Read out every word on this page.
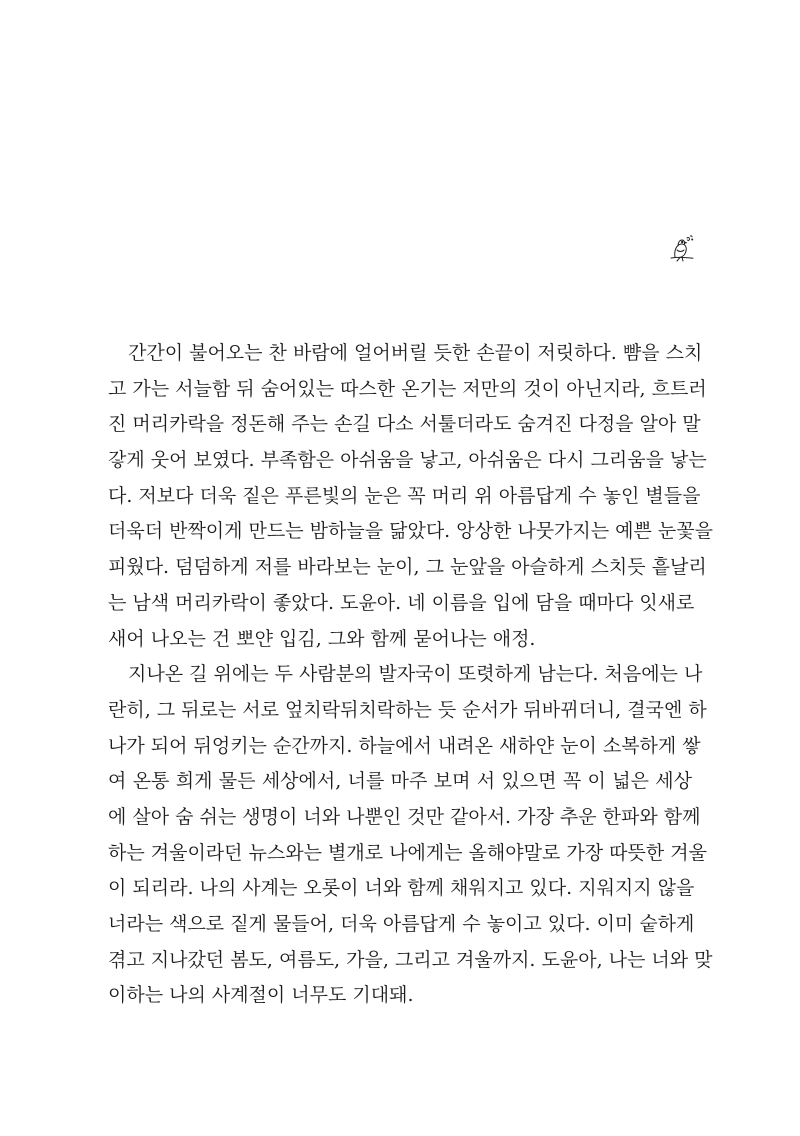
간간이 불어오는 찬 바람에 얼어버릴 듯한 손끝이 저릿하다. 뺨을 스치
고 가는 서늘함 뒤 숨어있는 따스한 온기는 저만의 것이 아닌지라, 흐트러
진 머리카락을 정돈해 주는 손길 다소 서툴더라도 숨겨진 다정을 알아 말
갛게 웃어 보였다. 부족함은 아쉬움을 낳고, 아쉬움은 다시 그리움을 낳는
다. 저보다 더욱 짙은 푸른빛의 눈은 꼭 머리 위 아름답게 수 놓인 별들을
더욱더 반짝이게 만드는 밤하늘을 닮았다. 앙상한 나뭇가지는 예쁜 눈꽃을
피웠다. 덤덤하게 저를 바라보는 눈이, 그 눈앞을 아슬하게 스치듯 흩날리
는 남색 머리카락이 좋았다. 도윤아. 네 이름을 입에 담을 때마다 잇새로
새어 나오는 건 뽀얀 입김, 그와 함께 묻어나는 애정.
지나온 길 위에는 두 사람분의 발자국이 또렷하게 남는다. 처음에는 나
란히, 그 뒤로는 서로 엎치락뒤치락하는 듯 순서가 뒤바뀌더니, 결국엔 하
나가 되어 뒤엉키는 순간까지. 하늘에서 내려온 새하얀 눈이 소복하게 쌓
여 온통 희게 물든 세상에서, 너를 마주 보며 서 있으면 꼭 이 넓은 세상
에 살아 숨 쉬는 생명이 너와 나뿐인 것만 같아서. 가장 추운 한파와 함께
하는 겨울이라던 뉴스와는 별개로 나에게는 올해야말로 가장 따뜻한 겨울
이 되리라. 나의 사계는 오롯이 너와 함께 채워지고 있다. 지워지지 않을
너라는 색으로 짙게 물들어, 더욱 아름답게 수 놓이고 있다. 이미 숱하게
겪고 지나갔던 봄도, 여름도, 가을, 그리고 겨울까지. 도윤아, 나는 너와 맞
이하는 나의 사계절이 너무도 기대돼.
